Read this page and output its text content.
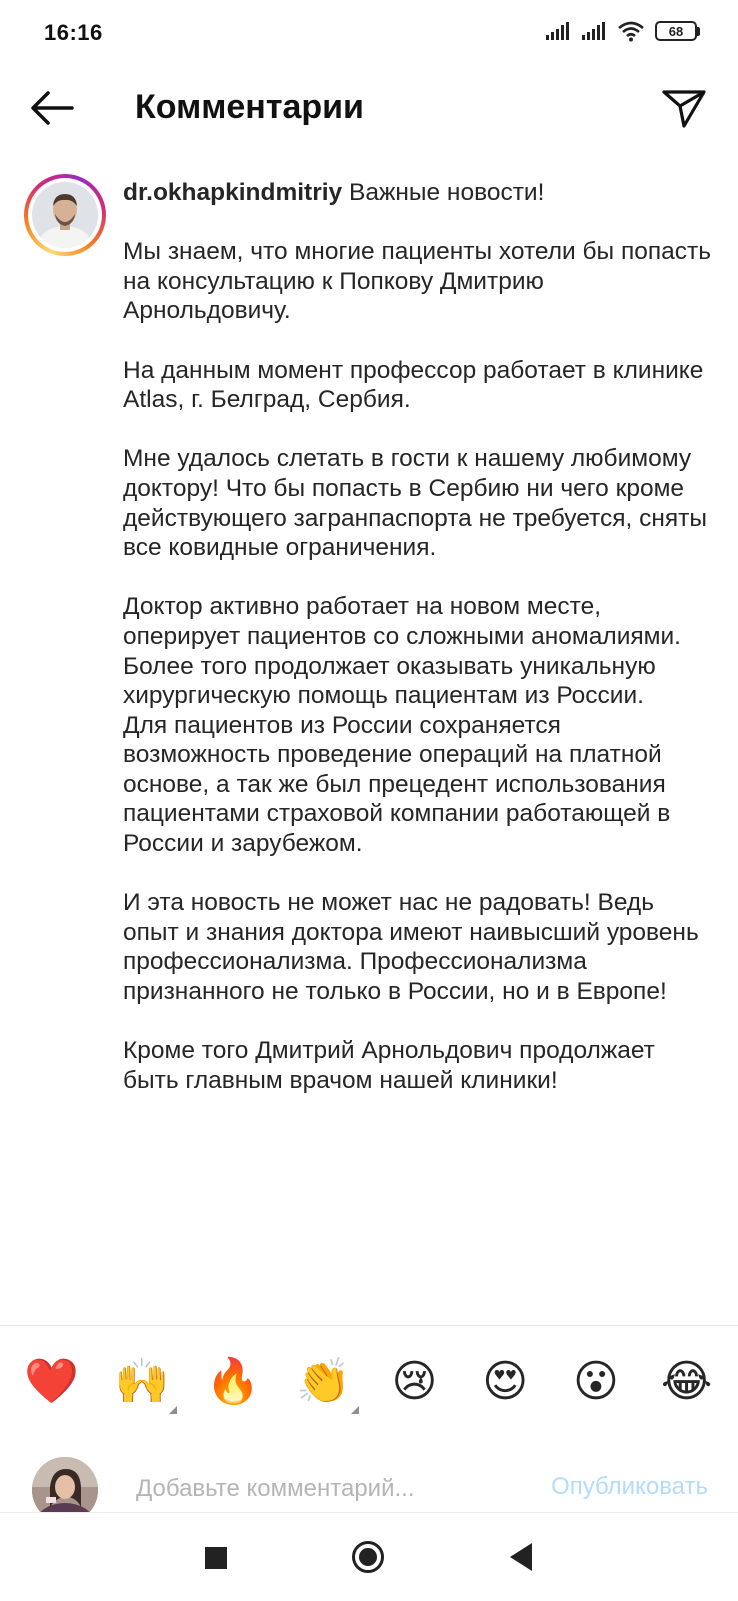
16:16	68
Комментарии

dr.okhapkindmitriy Важные новости!

Мы знаем, что многие пациенты хотели бы попасть на консультацию к Попкову Дмитрию Арнольдовичу.

На данным момент профессор работает в клинике Atlas, г. Белград, Сербия.

Мне удалось слетать в гости к нашему любимому доктору! Что бы попасть в Сербию ни чего кроме действующего загранпаспорта не требуется, сняты все ковидные ограничения.

Доктор активно работает на новом месте, оперирует пациентов со сложными аномалиями. Более того продолжает оказывать уникальную хирургическую помощь пациентам из России.

Для пациентов из России сохраняется возможность проведение операций на платной основе, а так же был прецедент использования пациентами страховой компании работающей в России и зарубежом.

И эта новость не может нас не радовать! Ведь опыт и знания доктора имеют наивысший уровень профессионализма. Профессионализма признанного не только в России, но и в Европе!

Кроме того Дмитрий Арнольдович продолжает быть главным врачом нашей клиники!

❤️ 🙌 🔥 👏 😢 😍 😮 😂
Добавьте комментарий...
Опубликовать
